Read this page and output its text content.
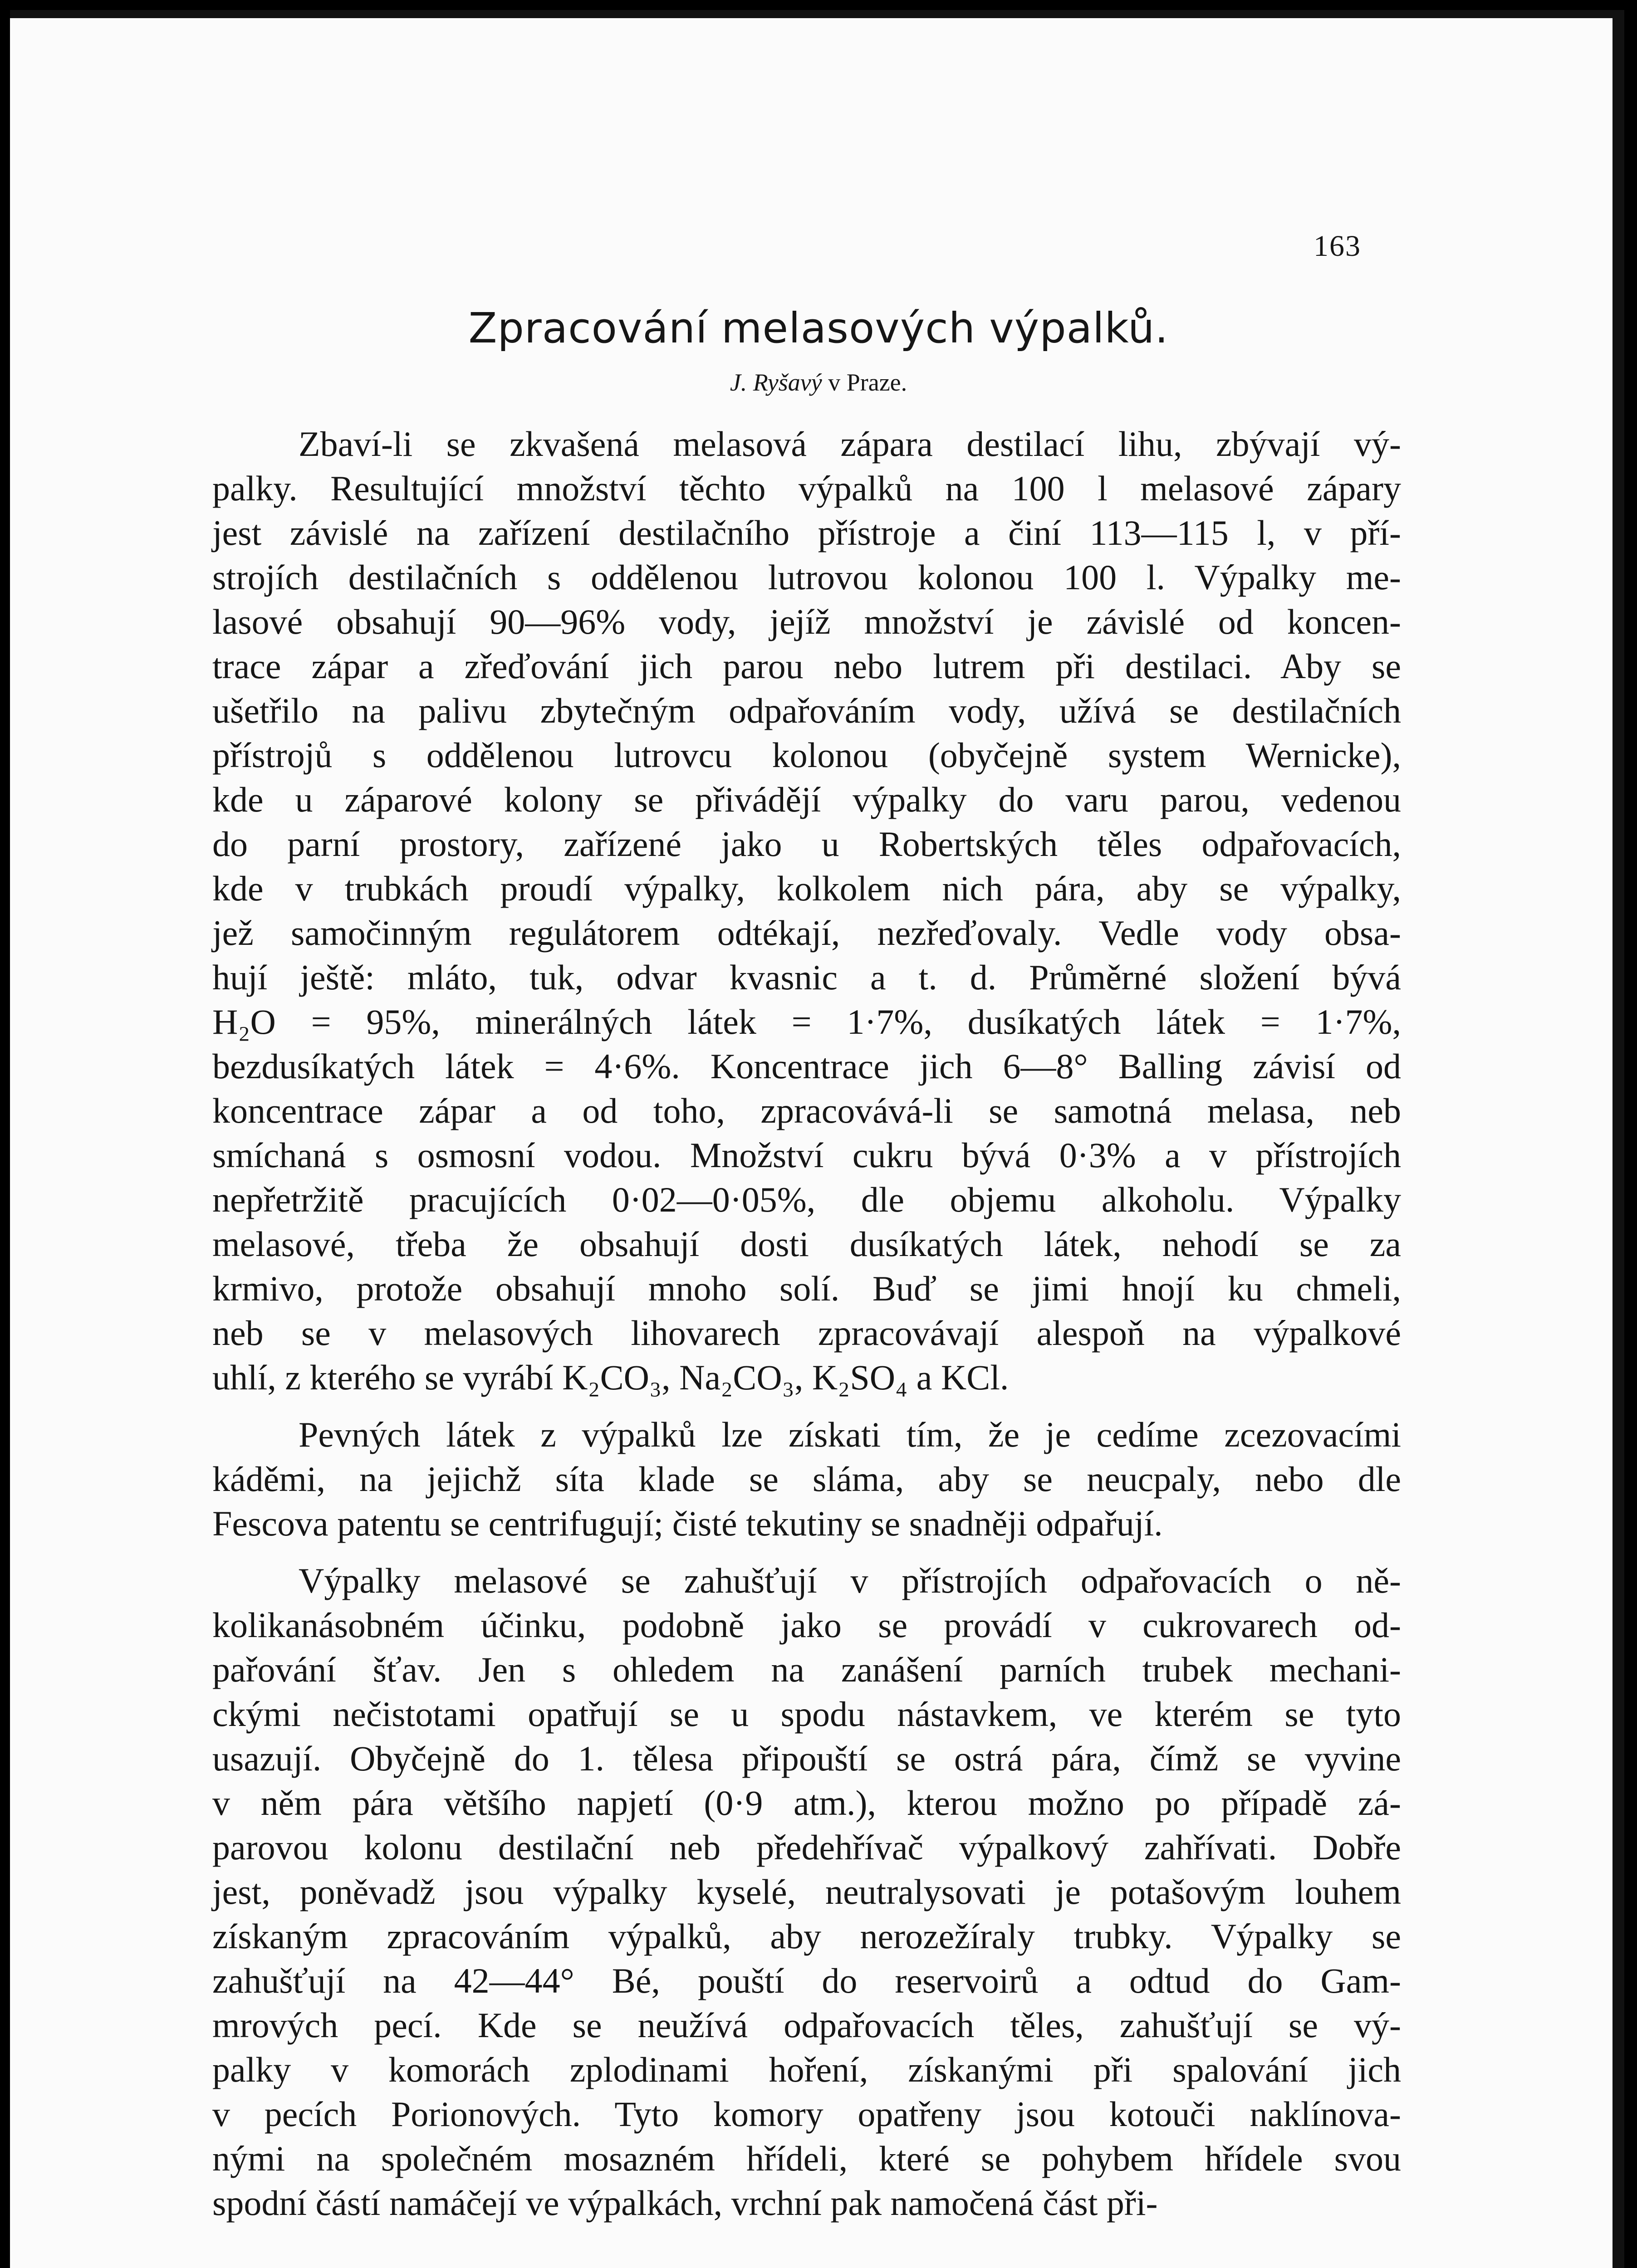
163

Zpracování melasových výpalků.

J. Ryšavý v Praze.

Zbaví-li se zkvašená melasová zápara destilací lihu, zbývají vý-
palky. Resultující množství těchto výpalků na 100 l melasové zápary
jest závislé na zařízení destilačního přístroje a činí 113—115 l, v pří-
strojích destilačních s oddělenou lutrovou kolonou 100 l. Výpalky me-
lasové obsahují 90—96% vody, jejíž množství je závislé od koncen-
trace zápar a zřeďování jich parou nebo lutrem při destilaci. Aby se
ušetřilo na palivu zbytečným odpařováním vody, užívá se destilačních
přístrojů s oddělenou lutrovcu kolonou (obyčejně system Wernicke),
kde u záparové kolony se přivádějí výpalky do varu parou, vedenou
do parní prostory, zařízené jako u Robertských těles odpařovacích,
kde v trubkách proudí výpalky, kolkolem nich pára, aby se výpalky,
jež samočinným regulátorem odtékají, nezřeďovaly. Vedle vody obsa-
hují ještě: mláto, tuk, odvar kvasnic a t. d. Průměrné složení bývá
H₂O = 95%, minerálných látek = 1·7%, dusíkatých látek = 1·7%,
bezdusíkatých látek = 4·6%. Koncentrace jich 6—8° Balling závisí od
koncentrace zápar a od toho, zpracovává-li se samotná melasa, neb
smíchaná s osmosní vodou. Množství cukru bývá 0·3% a v přístrojích
nepřetržitě pracujících 0·02—0·05%, dle objemu alkoholu. Výpalky
melasové, třeba že obsahují dosti dusíkatých látek, nehodí se za
krmivo, protože obsahují mnoho solí. Buď se jimi hnojí ku chmeli,
neb se v melasových lihovarech zpracovávají alespoň na výpalkové
uhlí, z kterého se vyrábí K₂CO₃, Na₂CO₃, K₂SO₄ a KCl.
Pevných látek z výpalků lze získati tím, že je cedíme zcezovacími
káděmi, na jejichž síta klade se sláma, aby se neucpaly, nebo dle
Fescova patentu se centrifugují; čisté tekutiny se snadněji odpařují.
Výpalky melasové se zahušťují v přístrojích odpařovacích o ně-
kolikanásobném účinku, podobně jako se provádí v cukrovarech od-
pařování šťav. Jen s ohledem na zanášení parních trubek mechani-
ckými nečistotami opatřují se u spodu nástavkem, ve kterém se tyto
usazují. Obyčejně do 1. tělesa připouští se ostrá pára, čímž se vyvine
v něm pára většího napjetí (0·9 atm.), kterou možno po případě zá-
parovou kolonu destilační neb předehřívač výpalkový zahřívati. Dobře
jest, poněvadž jsou výpalky kyselé, neutralysovati je potašovým louhem
získaným zpracováním výpalků, aby nerozežíraly trubky. Výpalky se
zahušťují na 42—44° Bé, pouští do reservoirů a odtud do Gam-
mrových pecí. Kde se neužívá odpařovacích těles, zahušťují se vý-
palky v komorách zplodinami hoření, získanými při spalování jich
v pecích Porionových. Tyto komory opatřeny jsou kotouči naklínova-
nými na společném mosazném hřídeli, které se pohybem hřídele svou
spodní částí namáčejí ve výpalkách, vrchní pak namočená část při-
